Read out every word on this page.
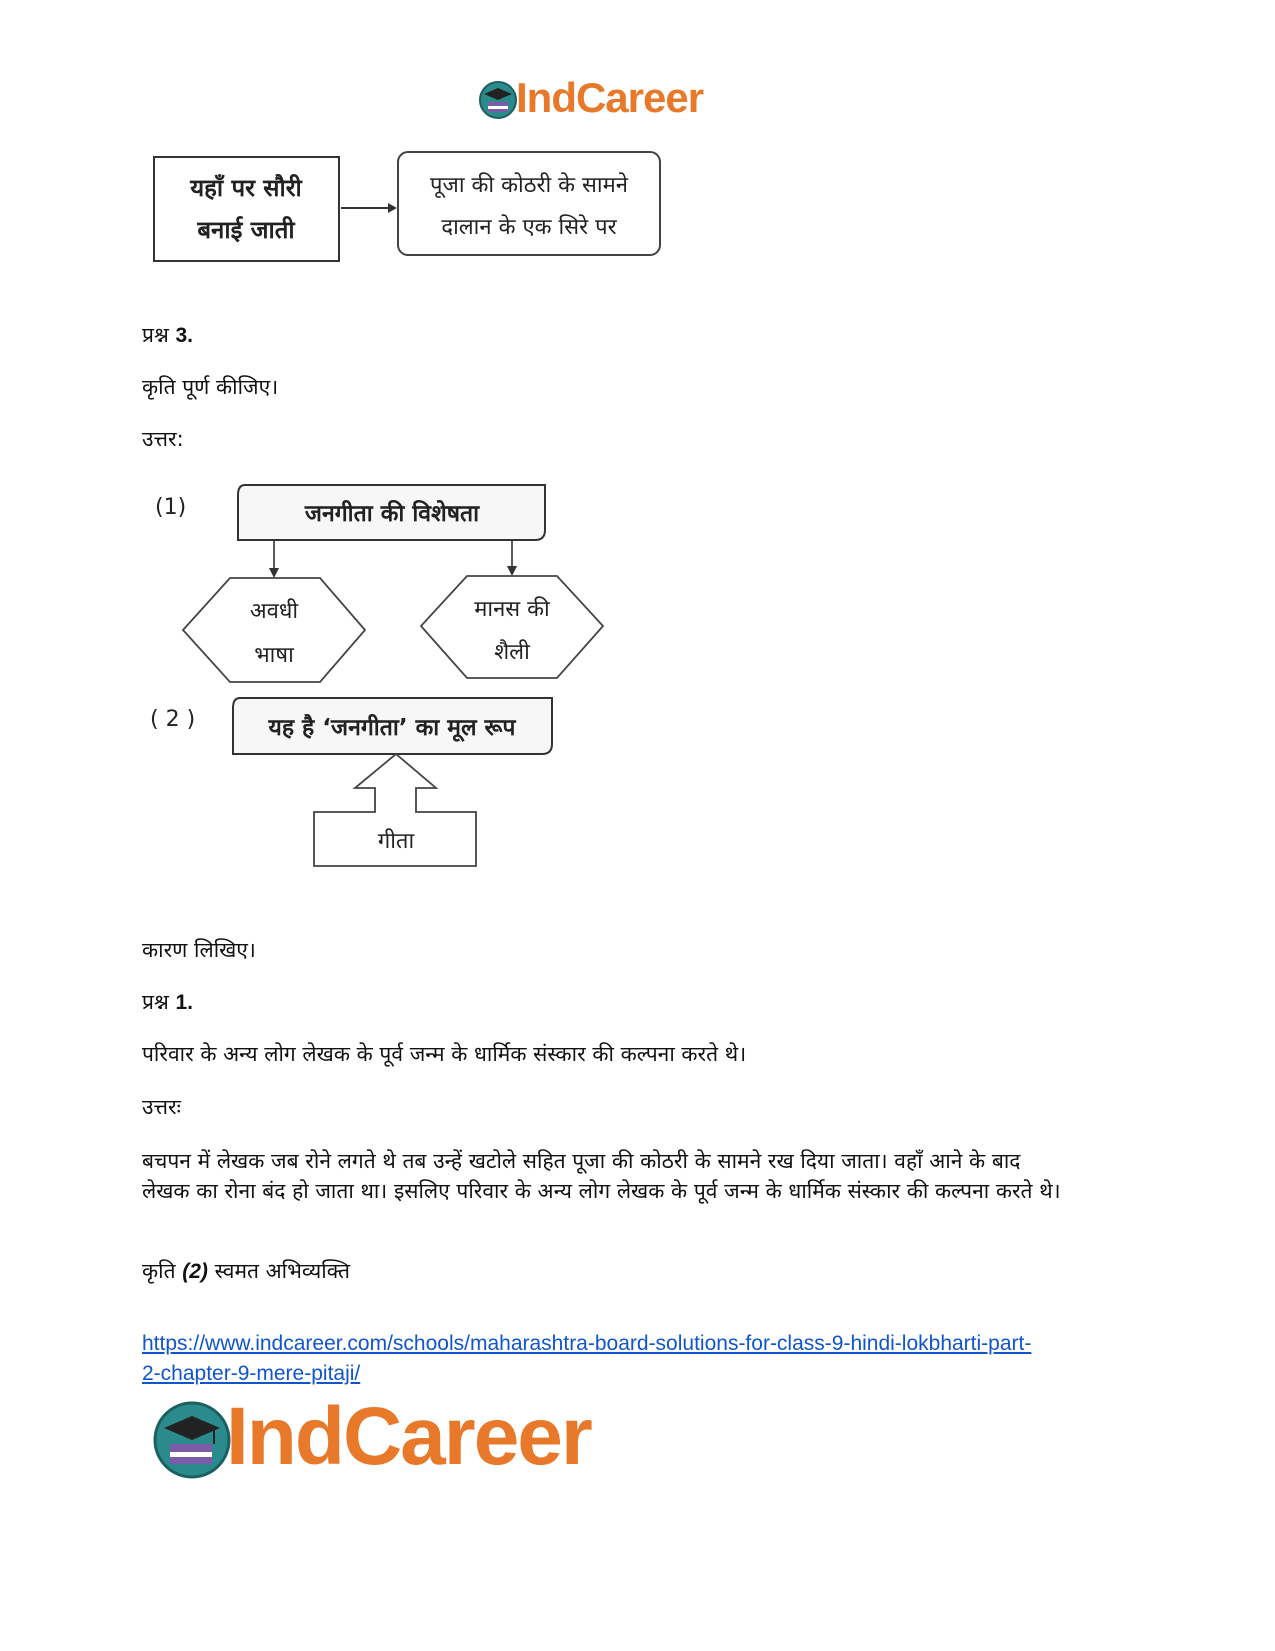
IndCareer
यहाँ पर सौरी
बनाई जाती
पूजा की कोठरी के सामने
दालान के एक सिरे पर
प्रश्न 3.
कृति पूर्ण कीजिए।
उत्तर:
(1)	जनगीता की विशेषता
अवधी
भाषा
मानस की
शैली
( 2 )	यह है ‘जनगीता’ का मूल रूप
गीता
कारण लिखिए।
प्रश्न 1.
परिवार के अन्य लोग लेखक के पूर्व जन्म के धार्मिक संस्कार की कल्पना करते थे।
उत्तरः
बचपन में लेखक जब रोने लगते थे तब उन्हें खटोले सहित पूजा की कोठरी के सामने रख दिया जाता। वहाँ आने के बाद लेखक का रोना बंद हो जाता था। इसलिए परिवार के अन्य लोग लेखक के पूर्व जन्म के धार्मिक संस्कार की कल्पना करते थे।
कृति (2) स्वमत अभिव्यक्ति
https://www.indcareer.com/schools/maharashtra-board-solutions-for-class-9-hindi-lokbharti-part-
2-chapter-9-mere-pitaji/
IndCareer
